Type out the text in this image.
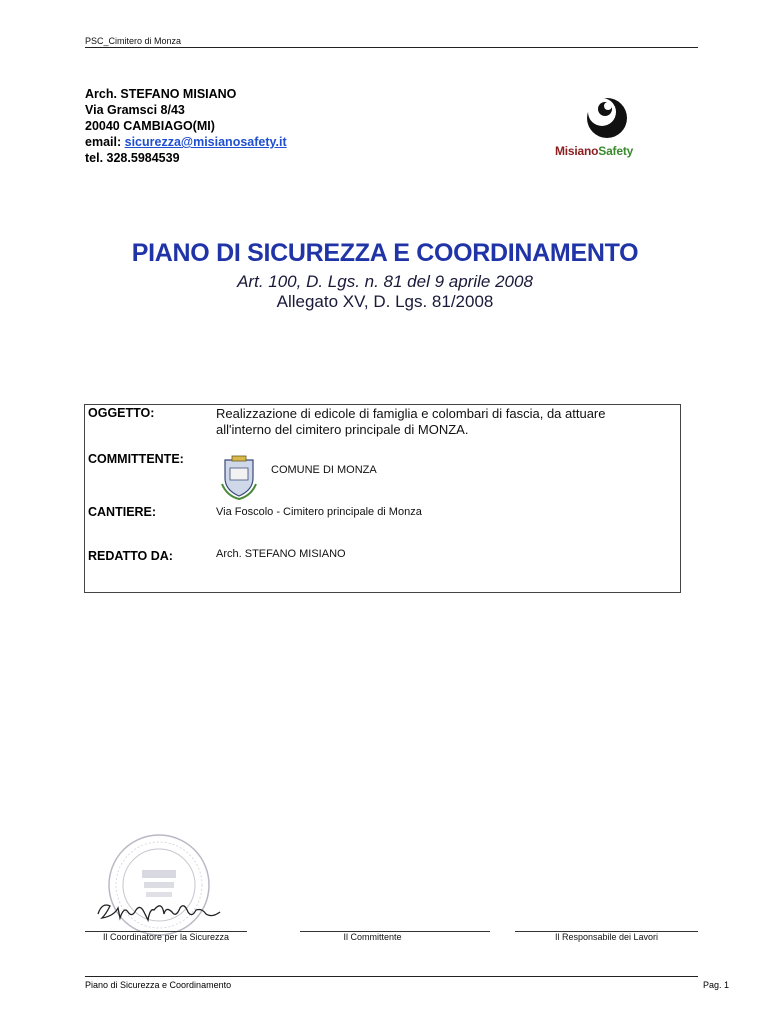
PSC_Cimitero di Monza
Arch. STEFANO MISIANO
Via Gramsci 8/43
20040 CAMBIAGO(MI)
email: sicurezza@misianosafety.it
tel. 328.5984539	MisianoSafety
PIANO DI SICUREZZA E COORDINAMENTO
Art. 100, D. Lgs. n. 81 del 9 aprile 2008
Allegato XV, D. Lgs. 81/2008
OGGETTO:	Realizzazione di edicole di famiglia e colombari di fascia, da attuare
all'interno del cimitero principale di MONZA.
COMMITTENTE:
COMUNE DI MONZA
CANTIERE:	Via Foscolo - Cimitero principale di Monza
REDATTO DA:	Arch. STEFANO MISIANO
Il Coordinatore per la Sicurezza	Il Committente	Il Responsabile dei Lavori
Piano di Sicurezza e Coordinamento	Pag. 1
